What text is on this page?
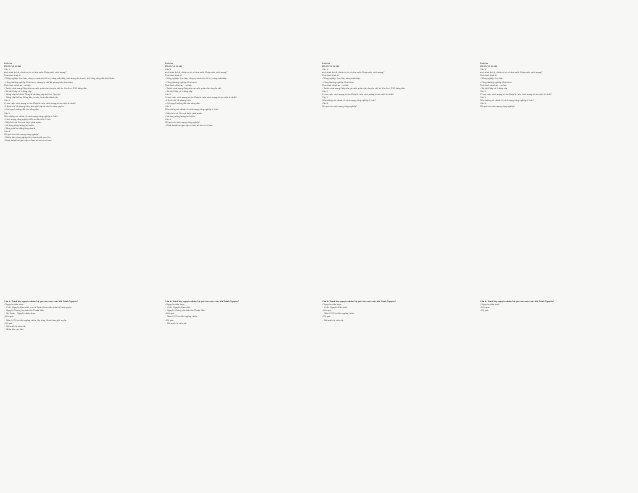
Lich Su

PHAN VI 12-201

Câu 1:

trích kinh lịch 4, chính trị có sẽ như nước Pháp nước cách mạng?

Tình hình kinh tế:

- Nông nghiệp: Lạc hậu, công cụ canh tác thô sơ, năng suất thấp, tình trạng thu hoạch, đời sống nông dân khó khăn.

- Công thương nghiệp: Phát triển, nhưng bị chế độ phong kiến kìm hãm.

Tình hình chính trị – xã hội:

- Trước cách mạng Pháp tồn tại nước quân chủ chuyên chế do Vua Lu-i XVI đứng đầu.

- Xã hội Pháp có 3 đẳng cấp:

+ Đẳng cấp thứ nhất: Tăng lữ và đẳng cấp thứ hai: Quý tộc.

+ Đẳng cấp thứ ba: Nông dân, tư sản, bình dân thành thị.

Câu 2:

Vì sao cuộc cách mạng tư sản Pháp là cuộc cách mạng tư sản triệt để nhất?

- Lật đổ chế độ phong kiến, đưa giai cấp tư sản lên cầm quyền.

- Giải quyết ruộng đất cho nông dân.

Câu 3:

Nêu những nét chính về cách mạng công nghiệp ở Anh?

- Cách mạng công nghiệp diễn ra đầu tiên ở Anh.

- Máy kéo sợi Gien-ni được phát minh.

- Sử dụng năng lượng hơi nước.

- Năng suất lao động tăng nhanh.

Câu 4:

Hệ quả của cách mạng công nghiệp?

- Nhiều khu công nghiệp lớn, thành phố mọc lên.

- Hình thành hai giai cấp cơ bản: tư sản và vô sản.

Lich Su

PHAN VI 12-201

Câu 1:

trích kinh lịch 4, chính trị có sẽ như nước Pháp nước cách mạng?

Tình hình kinh tế:

- Nông nghiệp: Lạc hậu, công cụ canh tác thô sơ, năng suất thấp.

- Công thương nghiệp: Phát triển.

Tình hình chính trị – xã hội:

- Trước cách mạng Pháp tồn tại nước quân chủ chuyên chế.

- Xã hội Pháp có 3 đẳng cấp.

Câu 2:

Vì sao cuộc cách mạng tư sản Pháp là cuộc cách mạng tư sản triệt để nhất?

- Lật đổ chế độ phong kiến.

- Giải quyết ruộng đất cho nông dân.

Câu 3:

Nêu những nét chính về cách mạng công nghiệp ở Anh?

- Máy kéo sợi Gien-ni được phát minh.

- Sử dụng năng lượng hơi nước.

Câu 4:

Hệ quả của cách mạng công nghiệp?

- Hình thành hai giai cấp cơ bản: tư sản và vô sản.

Lich Su

PHAN VI 12-201

Câu 1:

trích kinh lịch 4, chính trị có sẽ như nước Pháp nước cách mạng?

Tình hình kinh tế:

- Nông nghiệp: Lạc hậu, năng suất thấp.

- Công thương nghiệp: Phát triển.

Tình hình chính trị – xã hội:

- Trước cách mạng Pháp tồn tại nước quân chủ chuyên chế do Vua Lu-i XVI đứng đầu.

Câu 2:

Vì sao cuộc cách mạng tư sản Pháp là cuộc cách mạng tư sản triệt để nhất?

Câu 3:

Nêu những nét chính về cách mạng công nghiệp ở Anh?

Câu 4:

Hệ quả của cách mạng công nghiệp?

Lich Su

PHAN VI 12-201

Câu 1:

trích kinh lịch 4, chính trị có sẽ như nước Pháp nước cách mạng?

Tình hình kinh tế:

- Nông nghiệp: Lạc hậu.

- Công thương nghiệp: Phát triển.

Tình hình chính trị – xã hội:

- Xã hội Pháp có 3 đẳng cấp.

Câu 2:

Vì sao cuộc cách mạng tư sản Pháp là cuộc cách mạng tư sản triệt để nhất?

Câu 3:

Nêu những nét chính về cách mạng công nghiệp ở Anh?

Câu 4:

Hệ quả của cách mạng công nghiệp?

Câu 4: Trình bày nguyên nhân, bộ quả của cuộc cuộc khi Trình Nguyễn?

- Nguyên nhân hoạt:

+ 1545: Nguyễn Kim chết, con là Trịnh Kiểm nắm toàn bộ binh quyền.

+ Nguyễn Hoàng vào trấn thủ Thuận Hóa.

+ Họ Trịnh – Nguyễn đánh nhau.

- Kết quả:

+ Năm 1672 hai bên ngừng chiến, lấy sông Gianh làm giới tuyến.

- Hệ quả:

+ Đất nước bị chia cắt.

+ Nhân dân cực khổ.

Câu 4: Trình bày nguyên nhân, bộ quả của cuộc cuộc khi Trình Nguyễn?

- Nguyên nhân hoạt:

+ 1545: Nguyễn Kim chết.

+ Nguyễn Hoàng vào trấn thủ Thuận Hóa.

- Kết quả:

+ Năm 1672 hai bên ngừng chiến.

- Hệ quả:

+ Đất nước bị chia cắt.

Câu 4: Trình bày nguyên nhân, bộ quả của cuộc cuộc khi Trình Nguyễn?

- Nguyên nhân hoạt:

+ 1545: Nguyễn Kim chết.

- Kết quả:

+ Năm 1672 hai bên ngừng chiến.

- Hệ quả:

+ Đất nước bị chia cắt.

Câu 4: Trình bày nguyên nhân, bộ quả của cuộc cuộc khi Trình Nguyễn?

- Nguyên nhân hoạt:

- Kết quả:

- Hệ quả:
